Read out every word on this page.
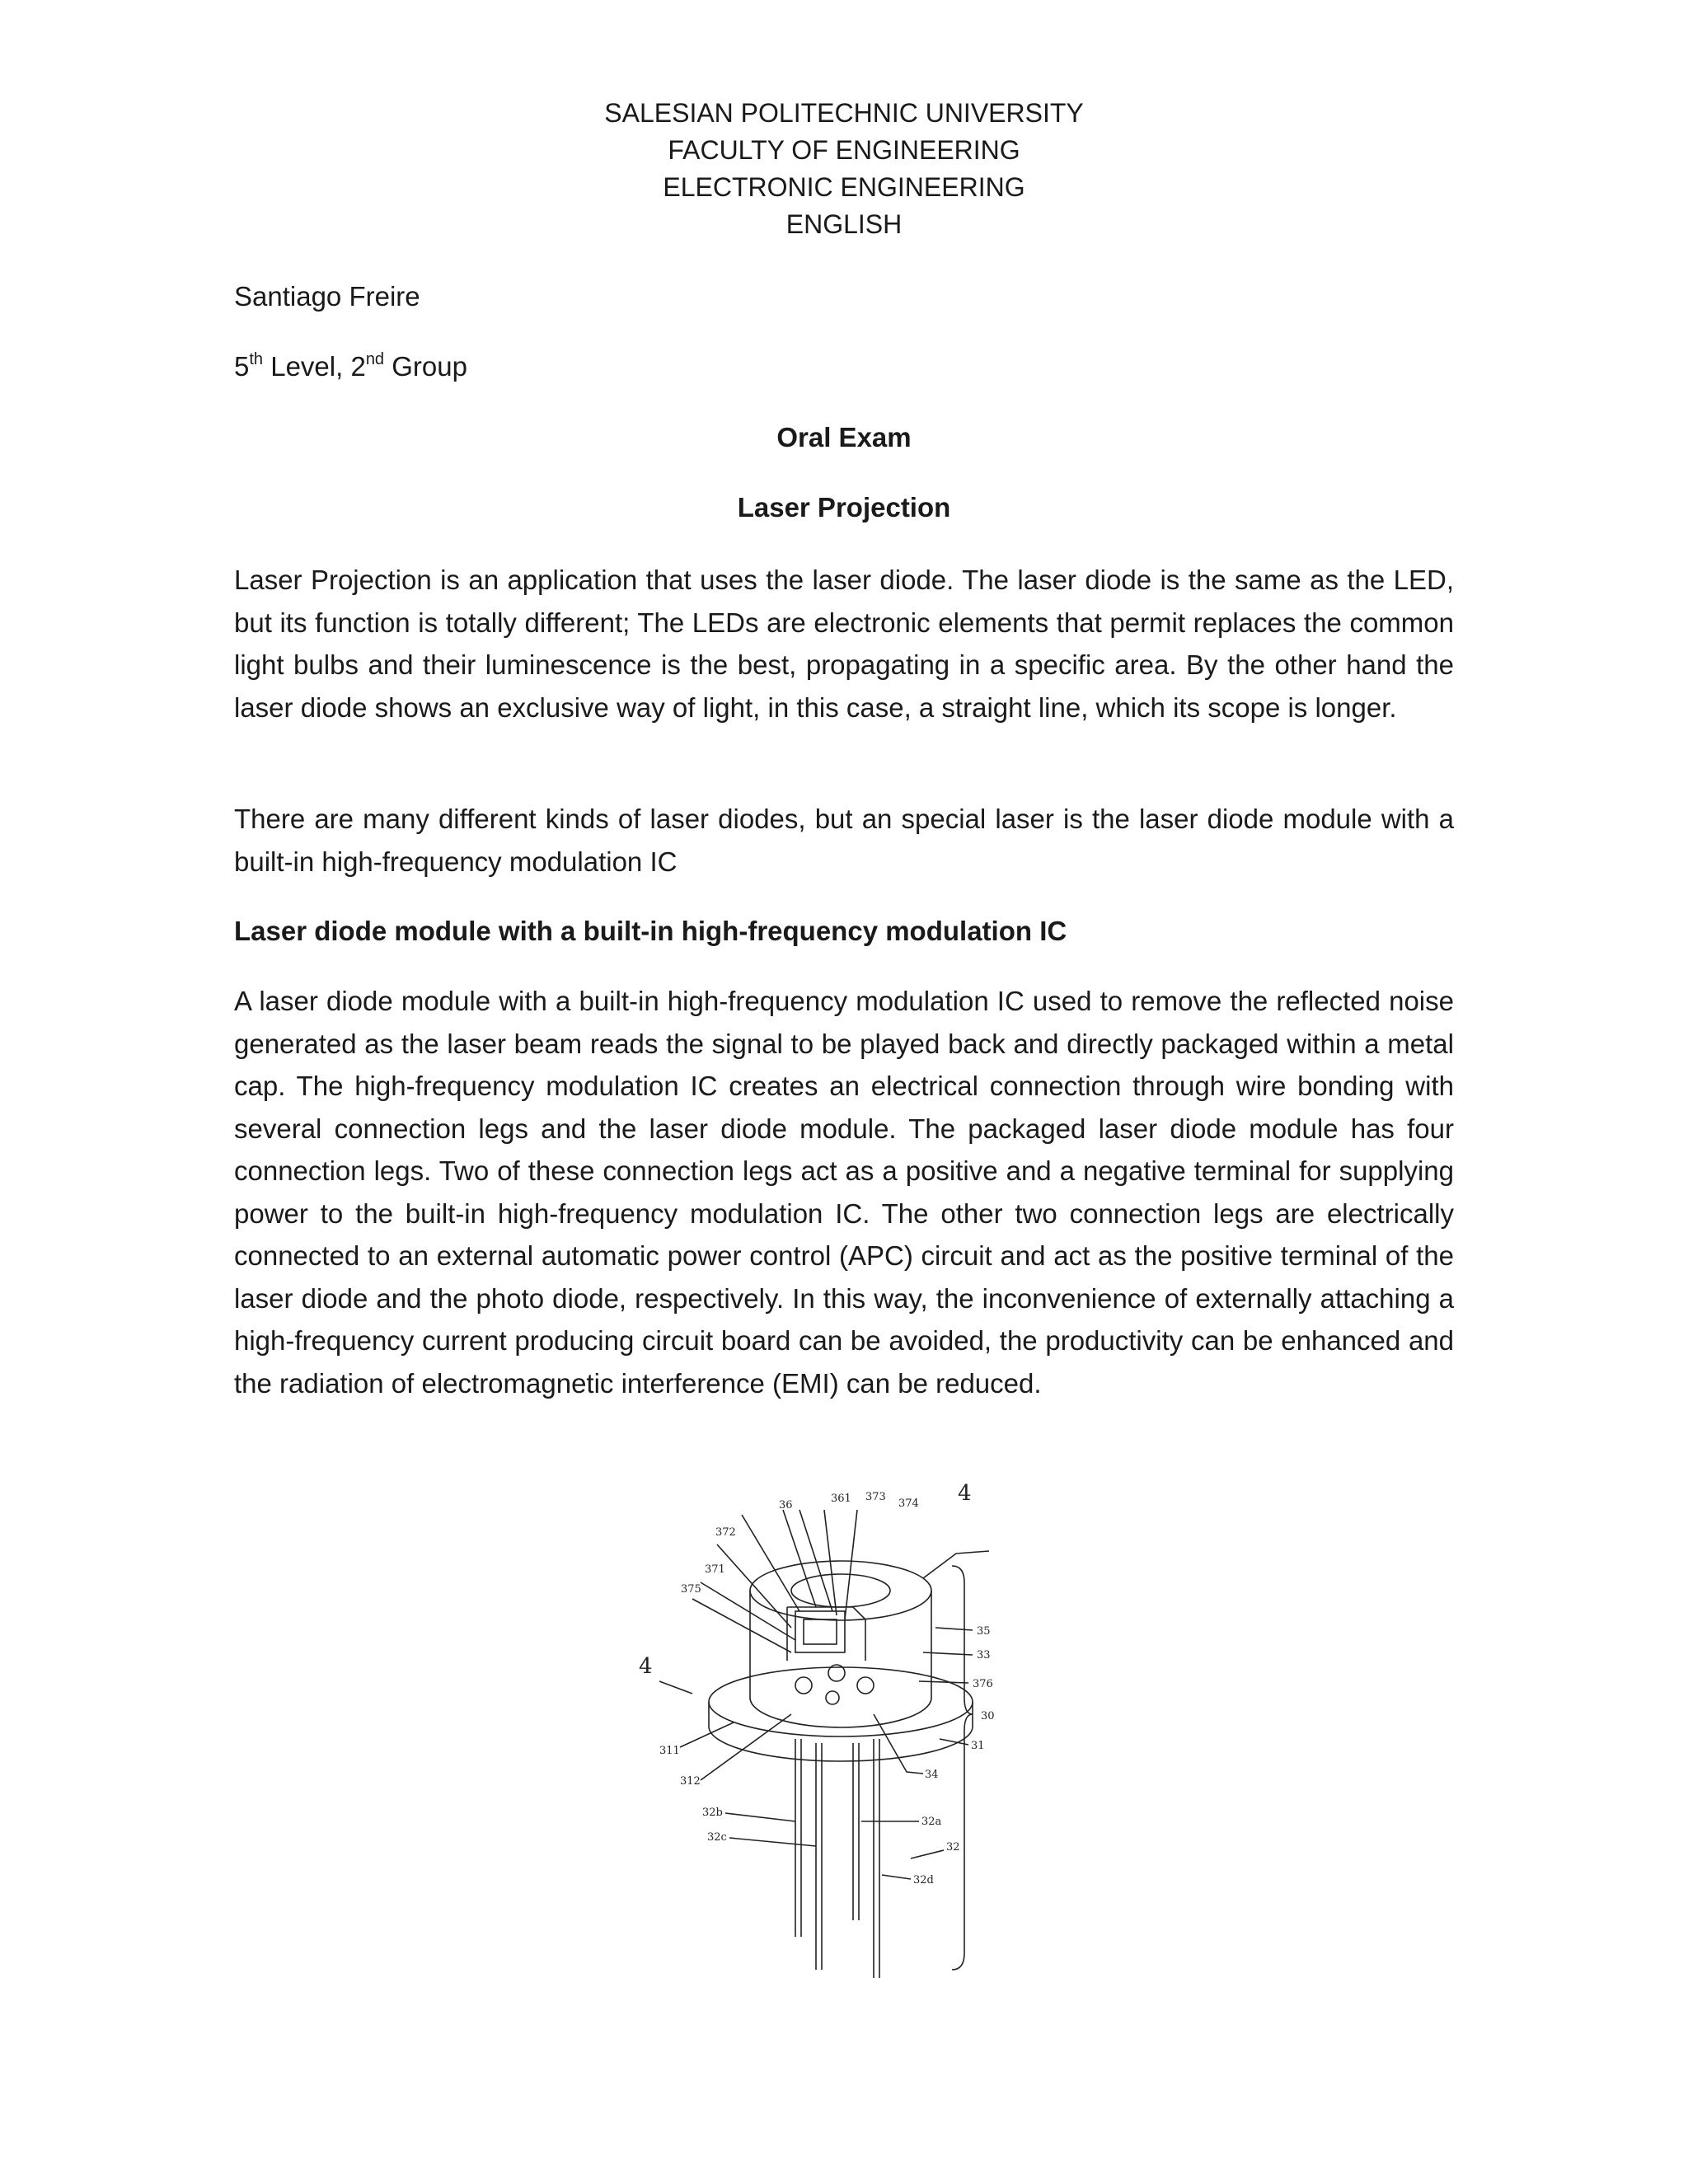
SALESIAN POLITECHNIC UNIVERSITY
FACULTY OF ENGINEERING
ELECTRONIC ENGINEERING
ENGLISH
Santiago Freire
5th Level, 2nd Group
Oral Exam
Laser Projection
Laser Projection is an application that uses the laser diode. The laser diode is the same as the LED, but its function is totally different; The LEDs are electronic elements that permit replaces the common light bulbs and their luminescence is the best, propagating in a specific area. By the other hand the laser diode shows an exclusive way of light, in this case, a straight line, which its scope is longer.
There are many different kinds of laser diodes, but an special laser is the laser diode module with a built-in high-frequency modulation IC
Laser diode module with a built-in high-frequency modulation IC
A laser diode module with a built-in high-frequency modulation IC used to remove the reflected noise generated as the laser beam reads the signal to be played back and directly packaged within a metal cap. The high-frequency modulation IC creates an electrical connection through wire bonding with several connection legs and the laser diode module. The packaged laser diode module has four connection legs. Two of these connection legs act as a positive and a negative terminal for supplying power to the built-in high-frequency modulation IC. The other two connection legs are electrically connected to an external automatic power control (APC) circuit and act as the positive terminal of the laser diode and the photo diode, respectively. In this way, the inconvenience of externally attaching a high-frequency current producing circuit board can be avoided, the productivity can be enhanced and the radiation of electromagnetic interference (EMI) can be reduced.
36
361 373
374 4
372
371
375
35
33
4
376
30
311	31
312
34
32b
32a
32c
32
32d
